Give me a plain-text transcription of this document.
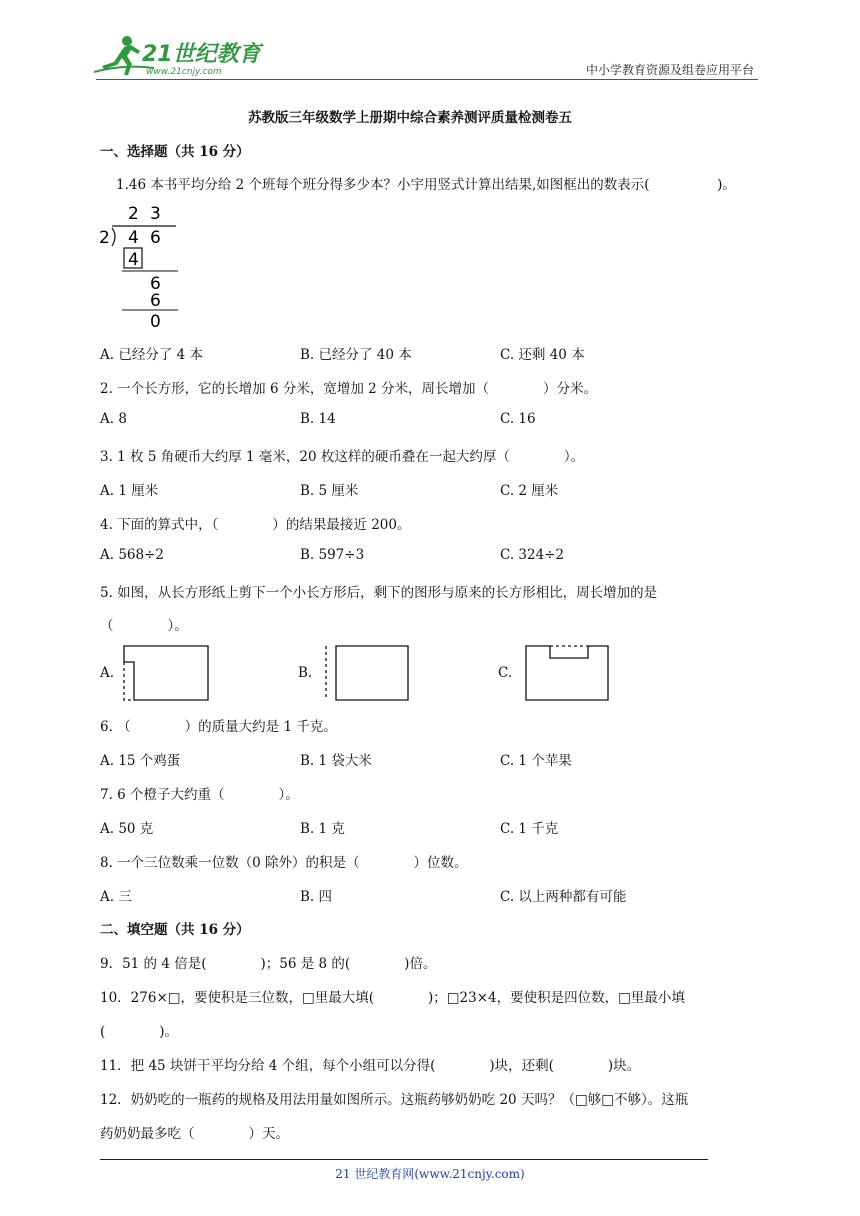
21世纪教育
www.21cnjy.com	中小学教育资源及组卷应用平台
苏教版三年级数学上册期中综合素养测评质量检测卷五
一、选择题（共 16 分）
1.46 本书平均分给 2 个班每个班分得多少本？小宇用竖式计算出结果,如图框出的数表示(　　　　　)。
2 3
2 4 6
4
6
6
0
A. 已经分了 4 本	B. 已经分了 40 本	C. 还剩 40 本
2. 一个长方形，它的长增加 6 分米，宽增加 2 分米，周长增加（　　　　）分米。
A. 8	B. 14	C. 16
3. 1 枚 5 角硬币大约厚 1 毫米，20 枚这样的硬币叠在一起大约厚（　　　　）。
A. 1 厘米	B. 5 厘米	C. 2 厘米
4. 下面的算式中，（　　　　）的结果最接近 200。
A. 568÷2	B. 597÷3	C. 324÷2
5. 如图，从长方形纸上剪下一个小长方形后，剩下的图形与原来的长方形相比，周长增加的是
（　　　　）。
A.	B.	C.
6. （　　　　）的质量大约是 1 千克。
A. 15 个鸡蛋	B. 1 袋大米	C. 1 个苹果
7. 6 个橙子大约重（　　　　）。
A. 50 克	B. 1 克	C. 1 千克
8. 一个三位数乘一位数（0 除外）的积是（　　　　）位数。
A. 三	B. 四	C. 以上两种都有可能
二、填空题（共 16 分）
9．51 的 4 倍是(　　　　)；56 是 8 的(　　　　)倍。
10．276×□，要使积是三位数，□里最大填(　　　　)；□23×4，要使积是四位数，□里最小填
(　　　　)。
11．把 45 块饼干平均分给 4 个组，每个小组可以分得(　　　　)块，还剩(　　　　)块。
12．奶奶吃的一瓶药的规格及用法用量如图所示。这瓶药够奶奶吃 20 天吗？（□够□不够）。这瓶
药奶奶最多吃（　　　　）天。
21 世纪教育网(www.21cnjy.com)
